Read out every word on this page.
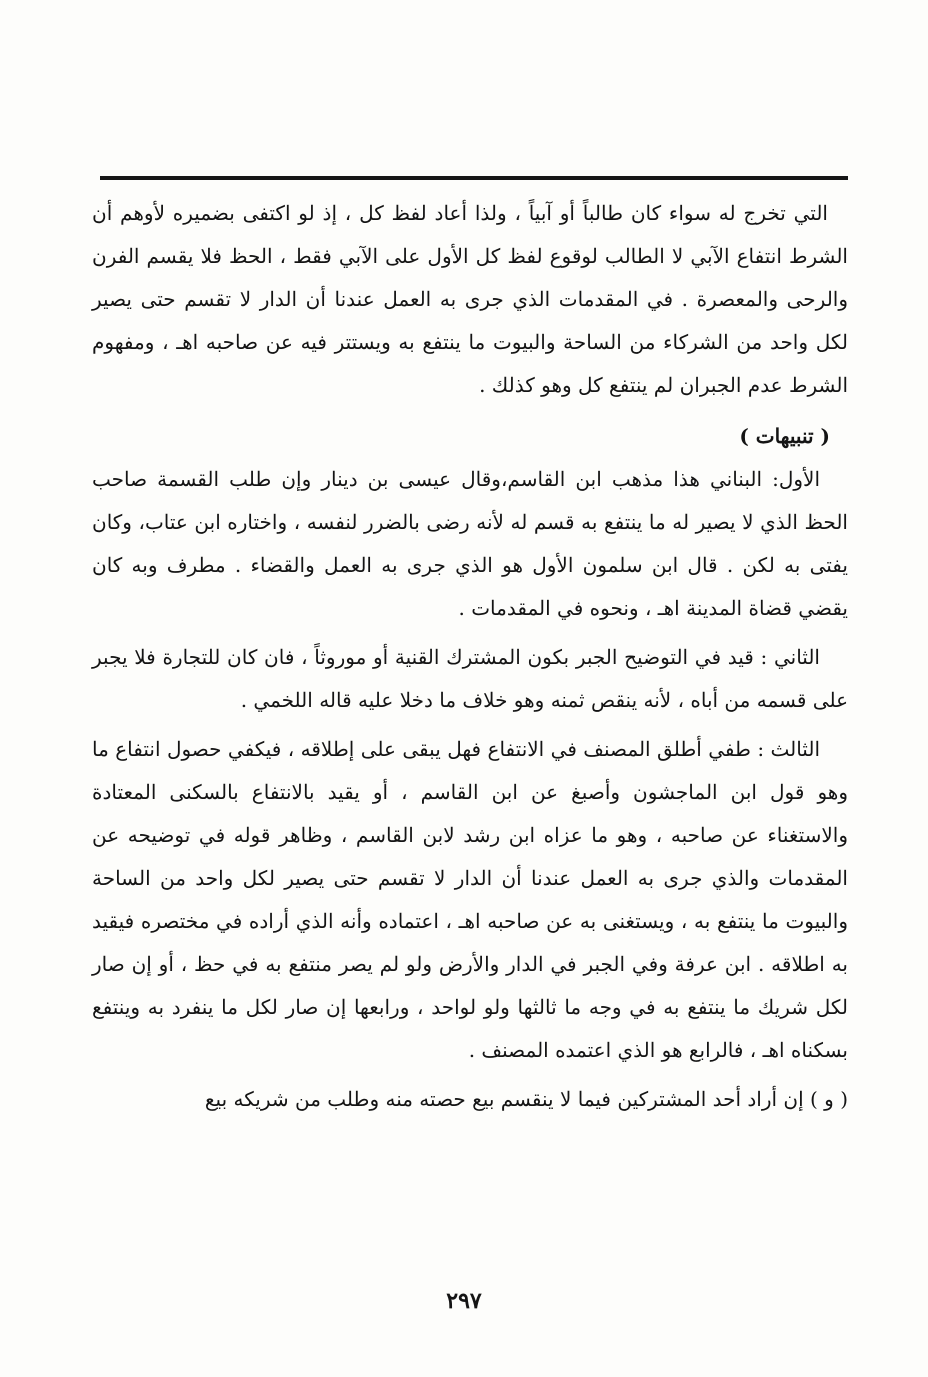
التي تخرج له سواء كان طالباً أو آبياً ، ولذا أعاد لفظ كل ، إذ لو اكتفى بضميره لأوهم أن الشرط انتفاع الآبي لا الطالب لوقوع لفظ كل الأول على الآبي فقط ، الحظ فلا يقسم الفرن والرحى والمعصرة . في المقدمات الذي جرى به العمل عندنا أن الدار لا تقسم حتى يصير لكل واحد من الشركاء من الساحة والبيوت ما ينتفع به ويستتر فيه عن صاحبه اهـ ، ومفهوم الشرط عدم الجبران لم ينتفع كل وهو كذلك .

( تنبيهات )

الأول: البناني هذا مذهب ابن القاسم،وقال عيسى بن دينار وإن طلب القسمة صاحب الحظ الذي لا يصير له ما ينتفع به قسم له لأنه رضى بالضرر لنفسه ، واختاره ابن عتاب، وكان يفتى به لكن . قال ابن سلمون الأول هو الذي جرى به العمل والقضاء . مطرف وبه كان يقضي قضاة المدينة اهـ ، ونحوه في المقدمات .

الثاني : قيد في التوضيح الجبر بكون المشترك القنية أو موروثاً ، فان كان للتجارة فلا يجبر على قسمه من أباه ، لأنه ينقص ثمنه وهو خلاف ما دخلا عليه قاله اللخمي .

الثالث : طفي أطلق المصنف في الانتفاع فهل يبقى على إطلاقه ، فيكفي حصول انتفاع ما وهو قول ابن الماجشون وأصبغ عن ابن القاسم ، أو يقيد بالانتفاع بالسكنى المعتادة والاستغناء عن صاحبه ، وهو ما عزاه ابن رشد لابن القاسم ، وظاهر قوله في توضيحه عن المقدمات والذي جرى به العمل عندنا أن الدار لا تقسم حتى يصير لكل واحد من الساحة والبيوت ما ينتفع به ، ويستغنى به عن صاحبه اهـ ، اعتماده وأنه الذي أراده في مختصره فيقيد به اطلاقه . ابن عرفة وفي الجبر في الدار والأرض ولو لم يصر منتفع به في حظ ، أو إن صار لكل شريك ما ينتفع به في وجه ما ثالثها ولو لواحد ، ورابعها إن صار لكل ما ينفرد به وينتفع بسكناه اهـ ، فالرابع هو الذي اعتمده المصنف .

( و ) إن أراد أحد المشتركين فيما لا ينقسم بيع حصته منه وطلب من شريكه بيع

٢٩٧
